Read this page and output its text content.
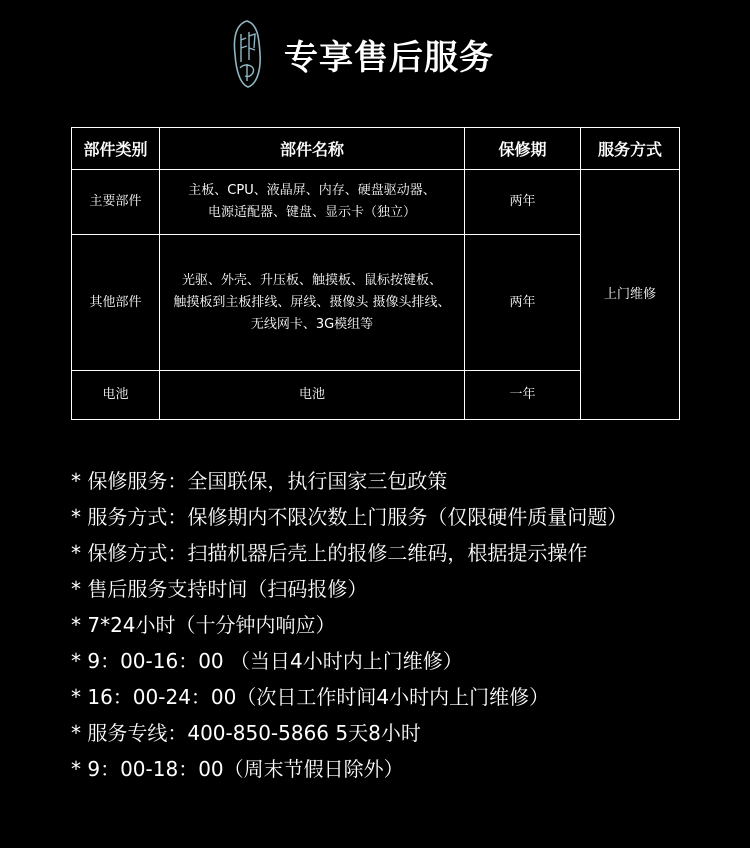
专享售后服务
部件类别	部件名称	保修期	服务方式
主要部件	主板、CPU、液晶屏、内存、硬盘驱动器、
电源适配器、键盘、显示卡（独立）	两年	上门维修
其他部件	光驱、外壳、升压板、触摸板、鼠标按键板、
触摸板到主板排线、屏线、摄像头 摄像头排线、
无线网卡、3G模组等	两年	
电池	电池	一年	
* 保修服务：全国联保，执行国家三包政策
* 服务方式：保修期内不限次数上门服务（仅限硬件质量问题）
* 保修方式：扫描机器后壳上的报修二维码，根据提示操作
* 售后服务支持时间（扫码报修）
* 7*24小时（十分钟内响应）
* 9：00-16：00 （当日4小时内上门维修）
* 16：00-24：00（次日工作时间4小时内上门维修）
* 服务专线：400-850-5866 5天8小时
* 9：00-18：00（周末节假日除外）
